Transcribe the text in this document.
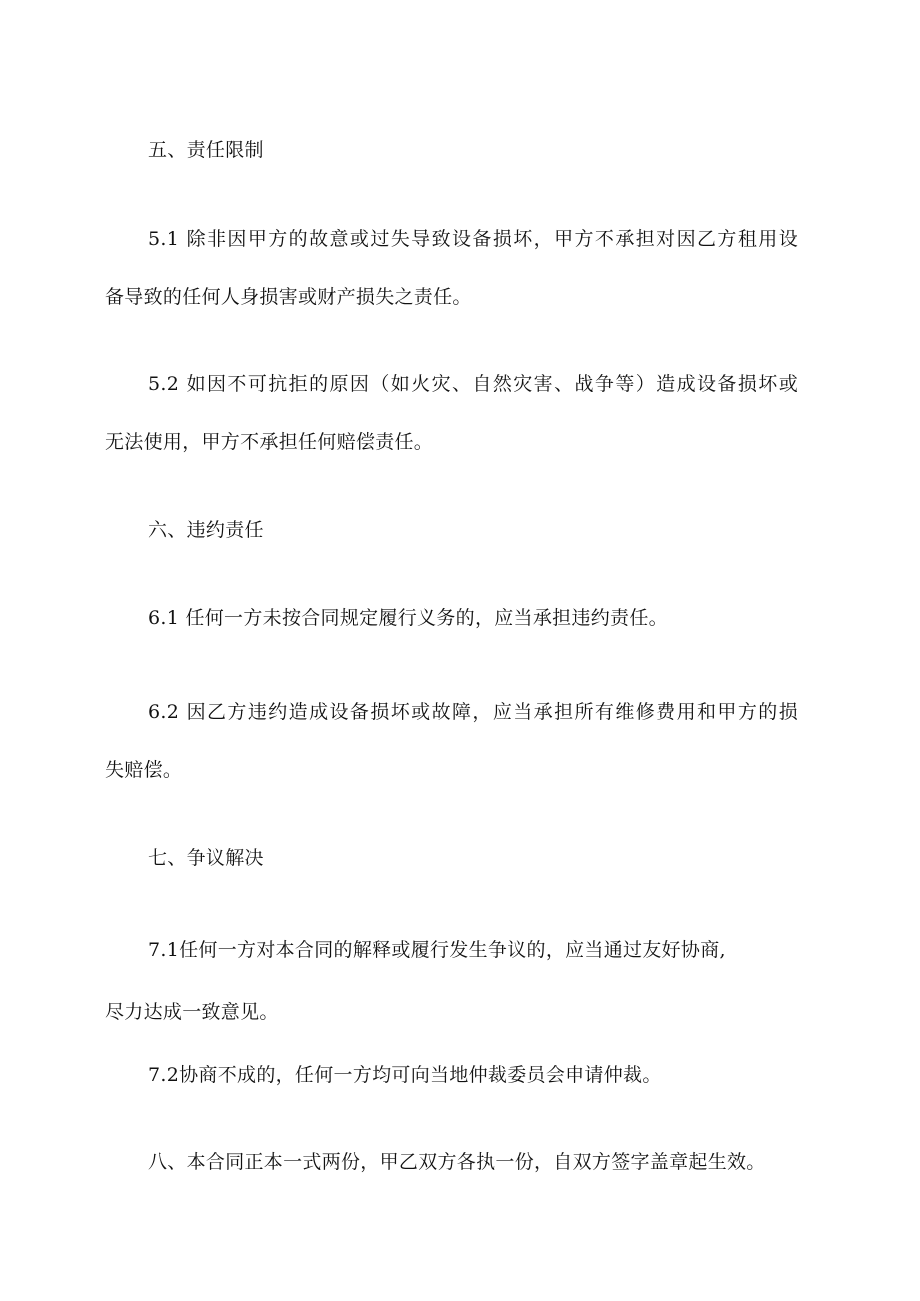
五、责任限制
5.1 除非因甲方的故意或过失导致设备损坏，甲方不承担对因乙方租用设
备导致的任何人身损害或财产损失之责任。
5.2 如因不可抗拒的原因（如火灾、自然灾害、战争等）造成设备损坏或
无法使用，甲方不承担任何赔偿责任。
六、违约责任
6.1 任何一方未按合同规定履行义务的，应当承担违约责任。
6.2 因乙方违约造成设备损坏或故障，应当承担所有维修费用和甲方的损
失赔偿。
七、争议解决
7.1任何一方对本合同的解释或履行发生争议的，应当通过友好协商,
尽力达成一致意见。
7.2协商不成的，任何一方均可向当地仲裁委员会申请仲裁。
八、本合同正本一式两份，甲乙双方各执一份，自双方签字盖章起生效。
